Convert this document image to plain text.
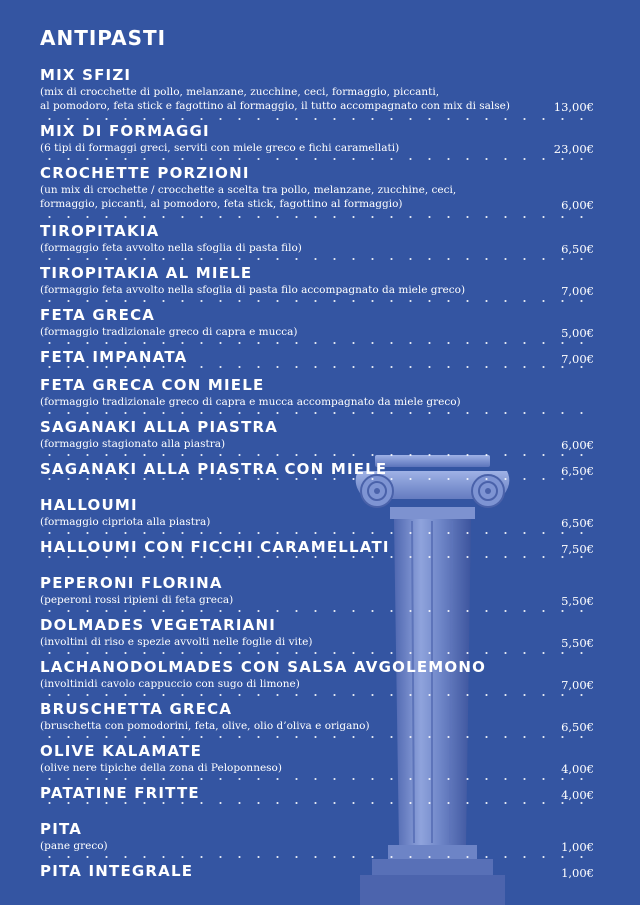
ANTIPASTI
MIX SFIZI
(mix di crocchette di pollo, melanzane, zucchine, ceci, formaggio, piccanti,
al pomodoro, feta stick e fagottino al formaggio, il tutto accompagnato con mix di salse)	13,00€
MIX DI FORMAGGI
(6 tipi di formaggi greci, serviti con miele greco e fichi caramellati)	23,00€
CROCHETTE PORZIONI
(un mix di crochette / crocchette a scelta tra pollo, melanzane, zucchine, ceci,
formaggio, piccanti, al pomodoro, feta stick, fagottino al formaggio)	6,00€
TIROPITAKIA
(formaggio feta avvolto nella sfoglia di pasta filo)	6,50€
TIROPITAKIA AL MIELE
(formaggio feta avvolto nella sfoglia di pasta filo accompagnato da miele greco)	7,00€
FETA GRECA
(formaggio tradizionale greco di capra e mucca)	5,00€
FETA IMPANATA	7,00€
FETA GRECA CON MIELE
(formaggio tradizionale greco di capra e mucca accompagnato da miele greco)
SAGANAKI ALLA PIASTRA
(formaggio stagionato alla piastra)	6,00€
SAGANAKI ALLA PIASTRA CON MIELE	6,50€
HALLOUMI
(formaggio cipriota alla piastra)	6,50€
HALLOUMI CON FICCHI CARAMELLATI	7,50€
PEPERONI FLORINA
(peperoni rossi ripieni di feta greca)	5,50€
DOLMADES VEGETARIANI
(involtini di riso e spezie avvolti nelle foglie di vite)	5,50€
LACHANODOLMADES CON SALSA AVGOLEMONO
(involtinidi cavolo cappuccio con sugo di limone)	7,00€
BRUSCHETTA GRECA
(bruschetta con pomodorini, feta, olive, olio d’oliva e origano)	6,50€
OLIVE KALAMATE
(olive nere tipiche della zona di Peloponneso)	4,00€
PATATINE FRITTE	4,00€
PITA
(pane greco)	1,00€
PITA INTEGRALE	1,00€
